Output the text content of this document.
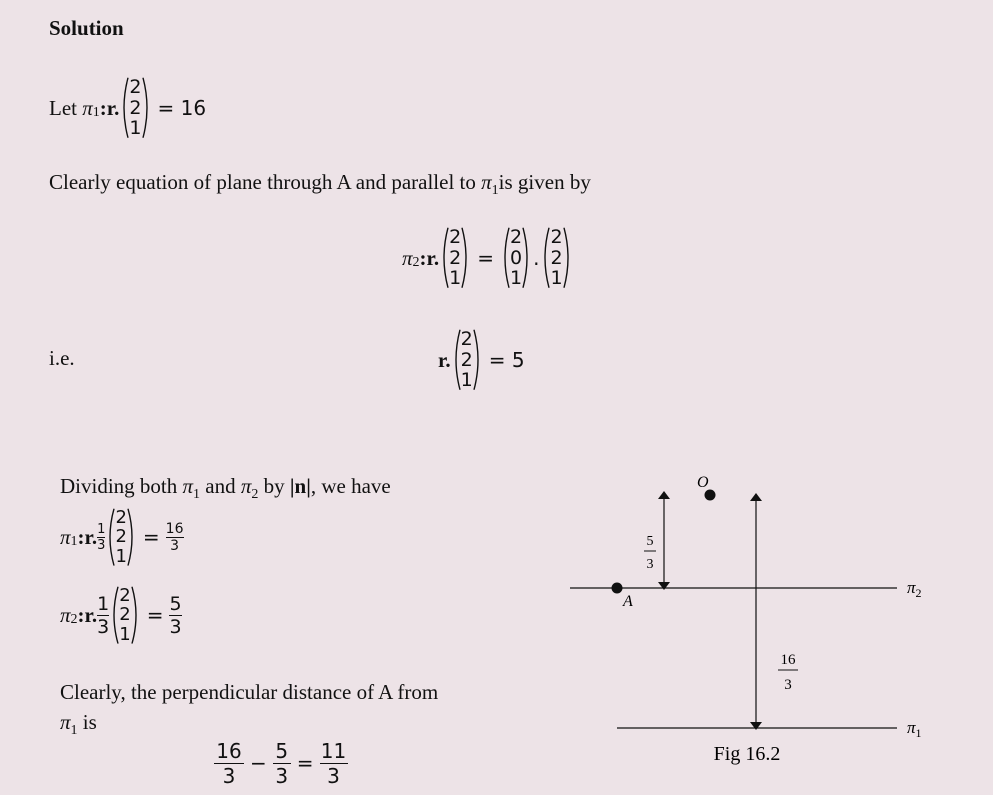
Solution
Let
π 1 :r.
2
2
1
= 16
Clearly equation of plane through A and parallel to $\pi_1is$ given by
π 2 :r.
2
2
1
=
2
0
1
.
2
2
1
i.e.	r.
2
2
1
= 5
Dividing both $\pi_1$ and $\pi_2$ by |n|, we have
π 1 :r. $\frac{1}{3}$
2
2
1
= $\frac{16}{3}$
π 2 :r. $\frac{1}{3} 2$
2
1
= $\frac{5}{3}$
Clearly, the perpendicular distance of A from
$\pi_1$ is
$\frac{16}{3} - \frac{5}{3} = \frac{11}{3}$
O
A
5
3
16
3
$\pi_2$
$\pi_1$
Fig 16.2
